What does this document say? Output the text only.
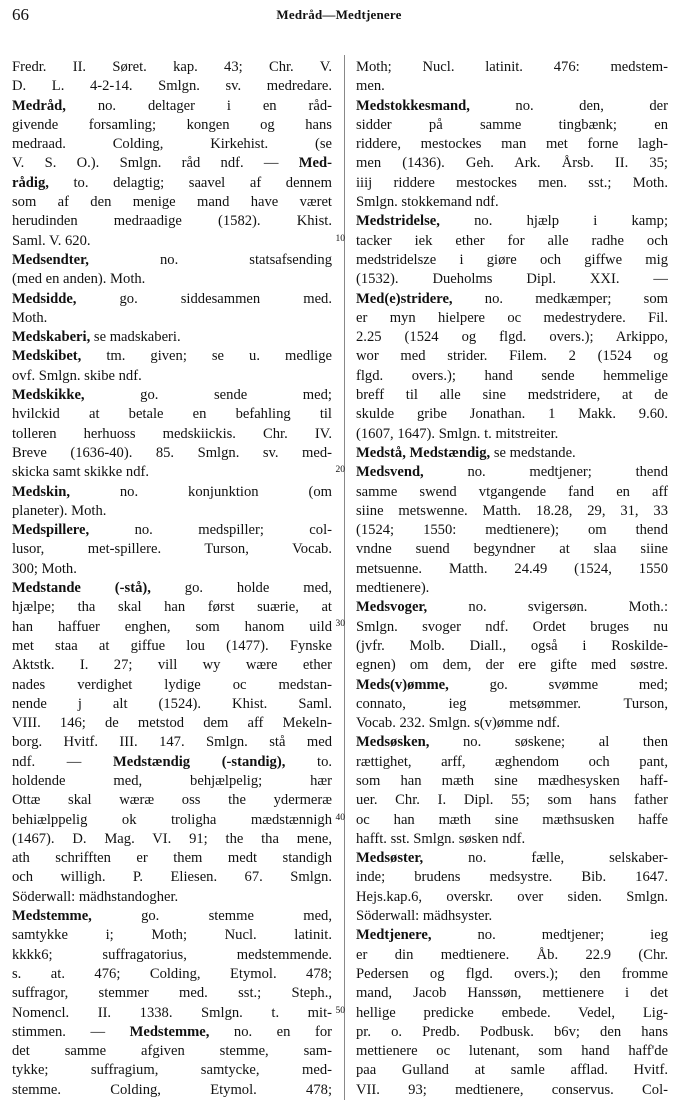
66	Medråd—Medtjenere
Fredr. II. Søret. kap. 43; Chr. V.
D. L. 4-2-14. Smlgn. sv. medredare.
Medråd, no. deltager i en råd-
givende forsamling; kongen og hans
medraad. Colding, Kirkehist. (se
V. S. O.). Smlgn. råd ndf. — Med-
rådig, to. delagtig; saavel af dennem
som af den menige mand have været
herudinden medraadige (1582). Khist.
Saml. V. 620.
Medsendter, no. statsafsending
(med en anden). Moth.
Medsidde, go. siddesammen med.
Moth.
Medskaberi, se madskaberi.
Medskibet, tm. given; se u. medlige
ovf. Smlgn. skibe ndf.
Medskikke, go. sende med;
hvilckid at betale en befahling til
tolleren herhuoss medskiickis. Chr. IV.
Breve (1636-40). 85. Smlgn. sv. med-
skicka samt skikke ndf.
Medskin, no. konjunktion (om
planeter). Moth.
Medspillere, no. medspiller; col-
lusor, met-spillere. Turson, Vocab.
300; Moth.
Medstande (-stå), go. holde med,
hjælpe; tha skal han først suærie, at
han haffuer enghen, som hanom uild
met staa at giffue lou (1477). Fynske
Aktstk. I. 27; vill wy wære ether
nades verdighet lydige oc medstan-
nende j alt (1524). Khist. Saml.
VIII. 146; de metstod dem aff Mekeln-
borg. Hvitf. III. 147. Smlgn. stå med
ndf. — Medstændig (-standig), to.
holdende med, behjælpelig; hær
Ottæ skal wæræ oss the ydermeræ
behiælppelig ok troligha mædstænnigh
(1467). D. Mag. VI. 91; the tha mene,
ath schrifften er them medt standigh
och willigh. P. Eliesen. 67. Smlgn.
Söderwall: mädhstandogher.
Medstemme, go. stemme med,
samtykke i; Moth; Nucl. latinit.
kkkk6; suffragatorius, medstemmende.
s. at. 476; Colding, Etymol. 478;
suffragor, stemmer med. sst.; Steph.,
Nomencl. II. 1338. Smlgn. t. mit-
stimmen. — Medstemme, no. en for
det samme afgiven stemme, sam-
tykke; suffragium, samtycke, med-
stemme. Colding, Etymol. 478;
Moth; Nucl. latinit. 476: medstem-
men.
Medstokkesmand, no. den, der
sidder på samme tingbænk; en
riddere, mestockes man met forne lagh-
men (1436). Geh. Ark. Årsb. II. 35;
iiij riddere mestockes men. sst.; Moth.
Smlgn. stokkemand ndf.
Medstridelse, no. hjælp i kamp;
tacker iek ether for alle radhe och
medstridelsze i giøre och giffwe mig
(1532). Dueholms Dipl. XXI. —
Med(e)stridere, no. medkæmper; som
er myn hielpere oc medestrydere. Fil.
2.25 (1524 og flgd. overs.); Arkippo,
wor med strider. Filem. 2 (1524 og
flgd. overs.); hand sende hemmelige
breff til alle sine medstridere, at de
skulde gribe Jonathan. 1 Makk. 9.60.
(1607, 1647). Smlgn. t. mitstreiter.
Medstå, Medstændig, se medstande.
Medsvend, no. medtjener; thend
samme swend vtgangende fand en aff
siine metswenne. Matth. 18.28, 29, 31, 33
(1524; 1550: medtienere); om thend
vndne suend begyndner at slaa siine
metsuenne. Matth. 24.49 (1524, 1550
medtienere).
Medsvoger, no. svigersøn. Moth.:
Smlgn. svoger ndf. Ordet bruges nu
(jvfr. Molb. Diall., også i Roskilde-
egnen) om dem, der ere gifte med søstre.
Meds(v)ømme, go. svømme med;
connato, ieg metsømmer. Turson,
Vocab. 232. Smlgn. s(v)ømme ndf.
Medsøsken, no. søskene; al then
rættighet, arff, æghendom och pant,
som han mæth sine mædhesysken haff-
uer. Chr. I. Dipl. 55; som hans father
oc han mæth sine mæthsusken haffe
hafft. sst. Smlgn. søsken ndf.
Medsøster, no. fælle, selskaber-
inde; brudens medsystre. Bib. 1647.
Hejs.kap.6, overskr. over siden. Smlgn.
Söderwall: mädhsyster.
Medtjenere, no. medtjener; ieg
er din medtienere. Åb. 22.9 (Chr.
Pedersen og flgd. overs.); den fromme
mand, Jacob Hanssøn, mettienere i det
hellige predicke embede. Vedel, Lig-
pr. o. Predb. Podbusk. b6v; den hans
mettienere oc lutenant, som hand haff'de
paa Gulland at samle afflad. Hvitf.
VII. 93; medtienere, conservus. Col-
10
20
30
40
50
